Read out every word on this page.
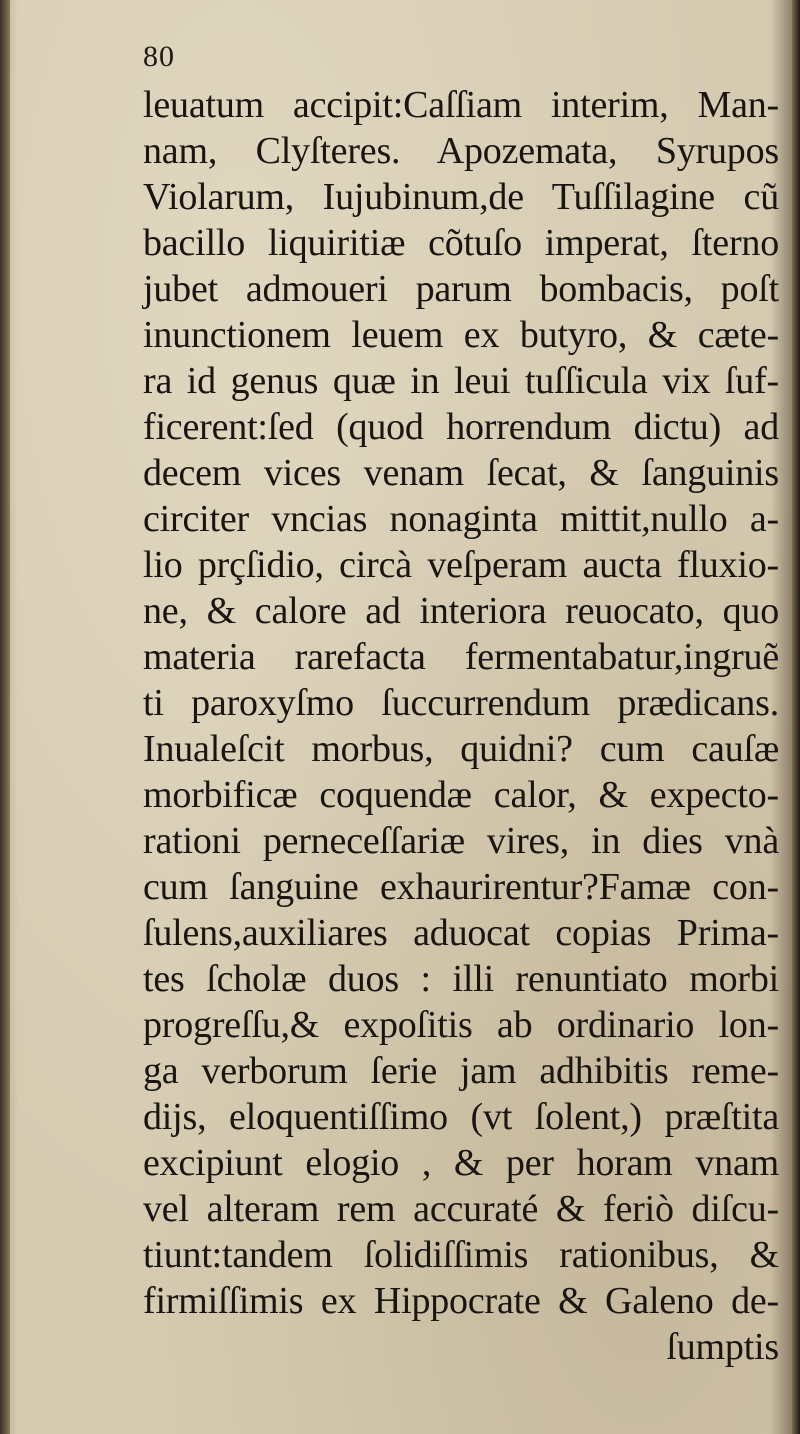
80
leuatum accipit:Caſſiam interim, Man-
nam, Clyſteres. Apozemata, Syrupos
Violarum, Iujubinum,de Tuſſilagine cũ
bacillo liquiritiæ cõtuſo imperat, ſterno
jubet admoueri parum bombacis, poſt
inunctionem leuem ex butyro, & cæte-
ra id genus quæ in leui tuſſicula vix ſuf-
ficerent:ſed (quod horrendum dictu) ad
decem vices venam ſecat, & ſanguinis
circiter vncias nonaginta mittit,nullo a-
lio prçſidio, circà veſperam aucta fluxio-
ne, & calore ad interiora reuocato, quo
materia rarefacta fermentabatur,ingruẽ
ti paroxyſmo ſuccurrendum prædicans.
Inualeſcit morbus, quidni? cum cauſæ
morbificæ coquendæ calor, & expecto-
rationi perneceſſariæ vires, in dies vnà
cum ſanguine exhaurirentur?Famæ con-
ſulens,auxiliares aduocat copias Prima-
tes ſcholæ duos : illi renuntiato morbi
progreſſu,& expoſitis ab ordinario lon-
ga verborum ſerie jam adhibitis reme-
dijs, eloquentiſſimo (vt ſolent,) præſtita
excipiunt elogio , & per horam vnam
vel alteram rem accuraté & feriò diſcu-
tiunt:tandem ſolidiſſimis rationibus, &
firmiſſimis ex Hippocrate & Galeno de-
ſumptis
